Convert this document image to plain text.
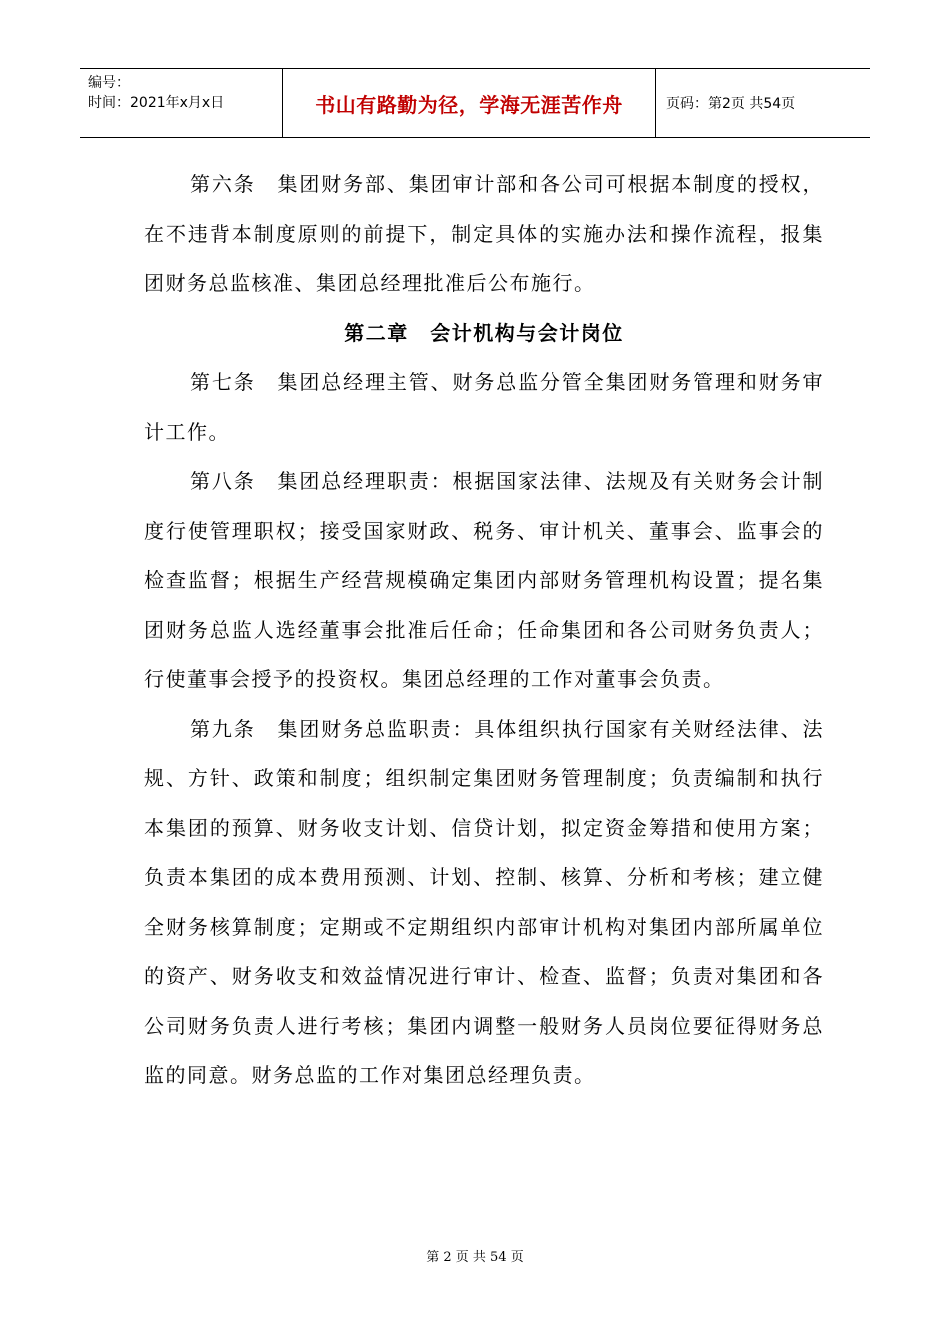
编号：
时间：2021年x月x日	书山有路勤为径，学海无涯苦作舟	页码：第2页 共54页

第六条　集团财务部、集团审计部和各公司可根据本制度的授权，在不违背本制度原则的前提下，制定具体的实施办法和操作流程，报集团财务总监核准、集团总经理批准后公布施行。

第二章　会计机构与会计岗位

第七条　集团总经理主管、财务总监分管全集团财务管理和财务审计工作。

第八条　集团总经理职责：根据国家法律、法规及有关财务会计制度行使管理职权；接受国家财政、税务、审计机关、董事会、监事会的检查监督；根据生产经营规模确定集团内部财务管理机构设置；提名集团财务总监人选经董事会批准后任命；任命集团和各公司财务负责人；行使董事会授予的投资权。集团总经理的工作对董事会负责。

第九条　集团财务总监职责：具体组织执行国家有关财经法律、法规、方针、政策和制度；组织制定集团财务管理制度；负责编制和执行本集团的预算、财务收支计划、信贷计划，拟定资金筹措和使用方案；负责本集团的成本费用预测、计划、控制、核算、分析和考核；建立健全财务核算制度；定期或不定期组织内部审计机构对集团内部所属单位的资产、财务收支和效益情况进行审计、检查、监督；负责对集团和各公司财务负责人进行考核；集团内调整一般财务人员岗位要征得财务总监的同意。财务总监的工作对集团总经理负责。

第 2 页 共 54 页
